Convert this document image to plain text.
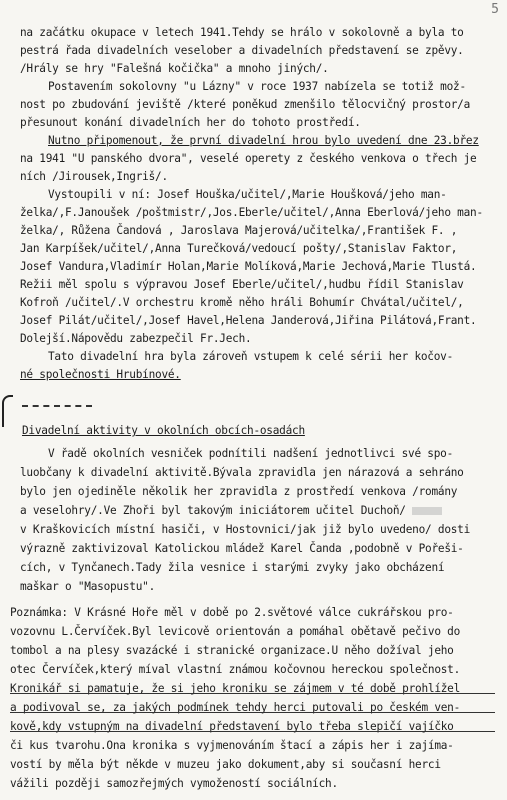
5
na začátku okupace v letech 1941.Tehdy se hrálo v sokolovně a byla to
pestrá řada divadelních veselober a divadelních představení se zpěvy.
/Hrály se hry "Falešná kočička" a mnoho jiných/.
Postavením sokolovny "u Lázny" v roce 1937 nabízela se totiž mož-
nost po zbudování jeviště /které poněkud zmenšilo tělocvičný prostor/a
přesunout konání divadelních her do tohoto prostředí.
Nutno připomenout, že první divadelní hrou bylo uvedení dne 23.břez
na 1941 "U panského dvora", veselé operety z českého venkova o třech je
ních /Jirousek,Ingriš/.
Vystoupili v ní: Josef Houška/učitel/,Marie Houšková/jeho man-
želka/,F.Janoušek /poštmistr/,Jos.Eberle/učitel/,Anna Eberlová/jeho man-
želka/, Růžena Čandová , Jaroslava Majerová/učitelka/,František F. ,
Jan Karpíšek/učitel/,Anna Turečková/vedoucí pošty/,Stanislav Faktor,
Josef Vandura,Vladimír Holan,Marie Molíková,Marie Jechová,Marie Tlustá.
Režii měl spolu s výpravou Josef Eberle/učitel/,hudbu řídil Stanislav
Kofroň /učitel/.V orchestru kromě něho hráli Bohumír Chvátal/učitel/,
Josef Pilát/učitel/,Josef Havel,Helena Janderová,Jiřina Pilátová,Frant.
Dolejší.Nápovědu zabezpečil Fr.Jech.
Tato divadelní hra byla zároveň vstupem k celé sérii her kočov-
né společnosti Hrubínové.
Divadelní aktivity v okolních obcích-osadách
V řadě okolních vesniček podnítili nadšení jednotlivci své spo-
luobčany k divadelní aktivitě.Bývala zpravidla jen nárazová a sehráno
bylo jen ojediněle několik her zpravidla z prostředí venkova /romány
a veselohry/.Ve Zhoři byl takovým iniciátorem učitel Duchoň/
v Kraškovicích místní hasiči, v Hostovnici/jak již bylo uvedeno/ dosti
výrazně zaktivizoval Katolickou mládež Karel Čanda ,podobně v Pořeši-
cích, v Tynčanech.Tady žila vesnice i starými zvyky jako obcházení
maškar o "Masopustu".
Poznámka: V Krásné Hoře měl v době po 2.světové válce cukrářskou pro-
vozovnu L.Červíček.Byl levicově orientován a pomáhal obětavě pečivo do
tombol a na plesy svazácké i stranické organizace.U něho dožíval jeho
otec Červíček,který míval vlastní známou kočovnou hereckou společnost.
Kronikář si pamatuje, že si jeho kroniku se zájmem v té době prohlížel
a podivoval se, za jakých podmínek tehdy herci putovali po českém ven-
kově,kdy vstupným na divadelní představení bylo třeba slepičí vajíčko
či kus tvarohu.Ona kronika s vyjmenováním štací a zápis her i zajíma-
vostí by měla být někde v muzeu jako dokument,aby si současní herci
vážili později samozřejmých vymožeností sociálních.
